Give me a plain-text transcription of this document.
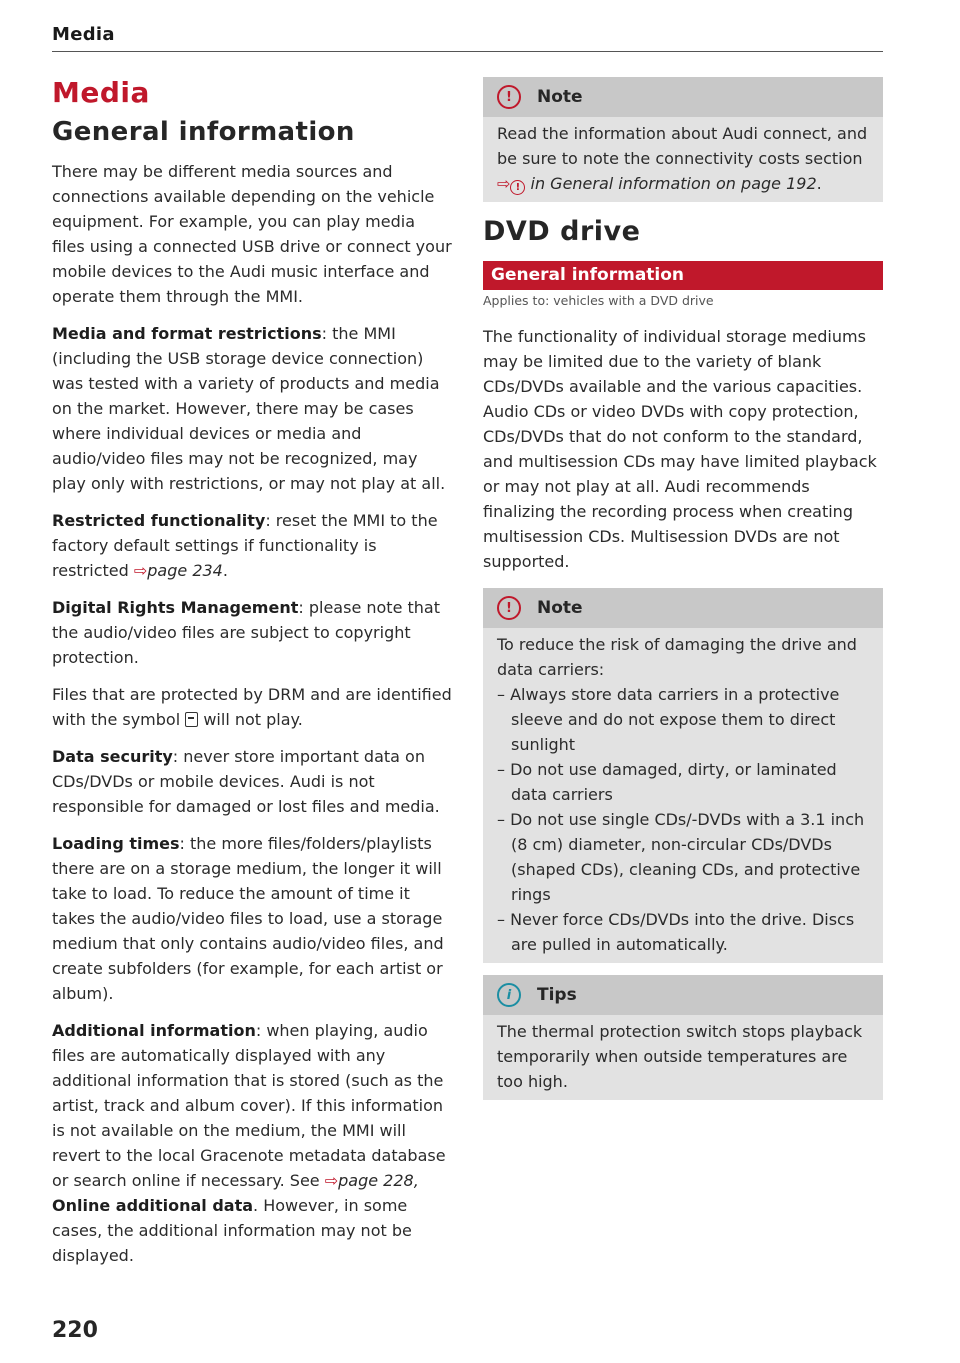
Media
Media
General information

There may be different media sources and connections available depending on the vehicle equipment. For example, you can play media files using a connected USB drive or connect your mobile devices to the Audi music interface and operate them through the MMI.

Media and format restrictions: the MMI (including the USB storage device connection) was tested with a variety of products and media on the market. However, there may be cases where individual devices or media and audio/video files may not be recognized, may play only with restrictions, or may not play at all.

Restricted functionality: reset the MMI to the factory default settings if functionality is restricted ⇨page 234.

Digital Rights Management: please note that the audio/video files are subject to copyright protection.

Files that are protected by DRM and are identified with the symbol  will not play.

Data security: never store important data on CDs/DVDs or mobile devices. Audi is not responsible for damaged or lost files and media.

Loading times: the more files/folders/playlists there are on a storage medium, the longer it will take to load. To reduce the amount of time it takes the audio/video files to load, use a storage medium that only contains audio/video files, and create subfolders (for example, for each artist or album).

Additional information: when playing, audio files are automatically displayed with any additional information that is stored (such as the artist, track and album cover). If this information is not available on the medium, the MMI will revert to the local Gracenote metadata database or search online if necessary. See ⇨page 228, Online additional data. However, in some cases, the additional information may not be displayed.

!	Note

Read the information about Audi connect, and be sure to note the connectivity costs section ⇨ ! in General information on page 192.

DVD drive
General information
Applies to: vehicles with a DVD drive

The functionality of individual storage mediums may be limited due to the variety of blank CDs/DVDs available and the various capacities. Audio CDs or video DVDs with copy protection, CDs/DVDs that do not conform to the standard, and multisession CDs may have limited playback or may not play at all. Audi recommends finalizing the recording process when creating multisession CDs. Multisession DVDs are not supported.

!	Note

To reduce the risk of damaging the drive and data carriers:

– Always store data carriers in a protective sleeve and do not expose them to direct sunlight
– Do not use damaged, dirty, or laminated data carriers
– Do not use single CDs/-DVDs with a 3.1 inch (8 cm) diameter, non-circular CDs/DVDs (shaped CDs), cleaning CDs, and protective rings
– Never force CDs/DVDs into the drive. Discs are pulled in automatically.
i	Tips

The thermal protection switch stops playback temporarily when outside temperatures are too high.

220
